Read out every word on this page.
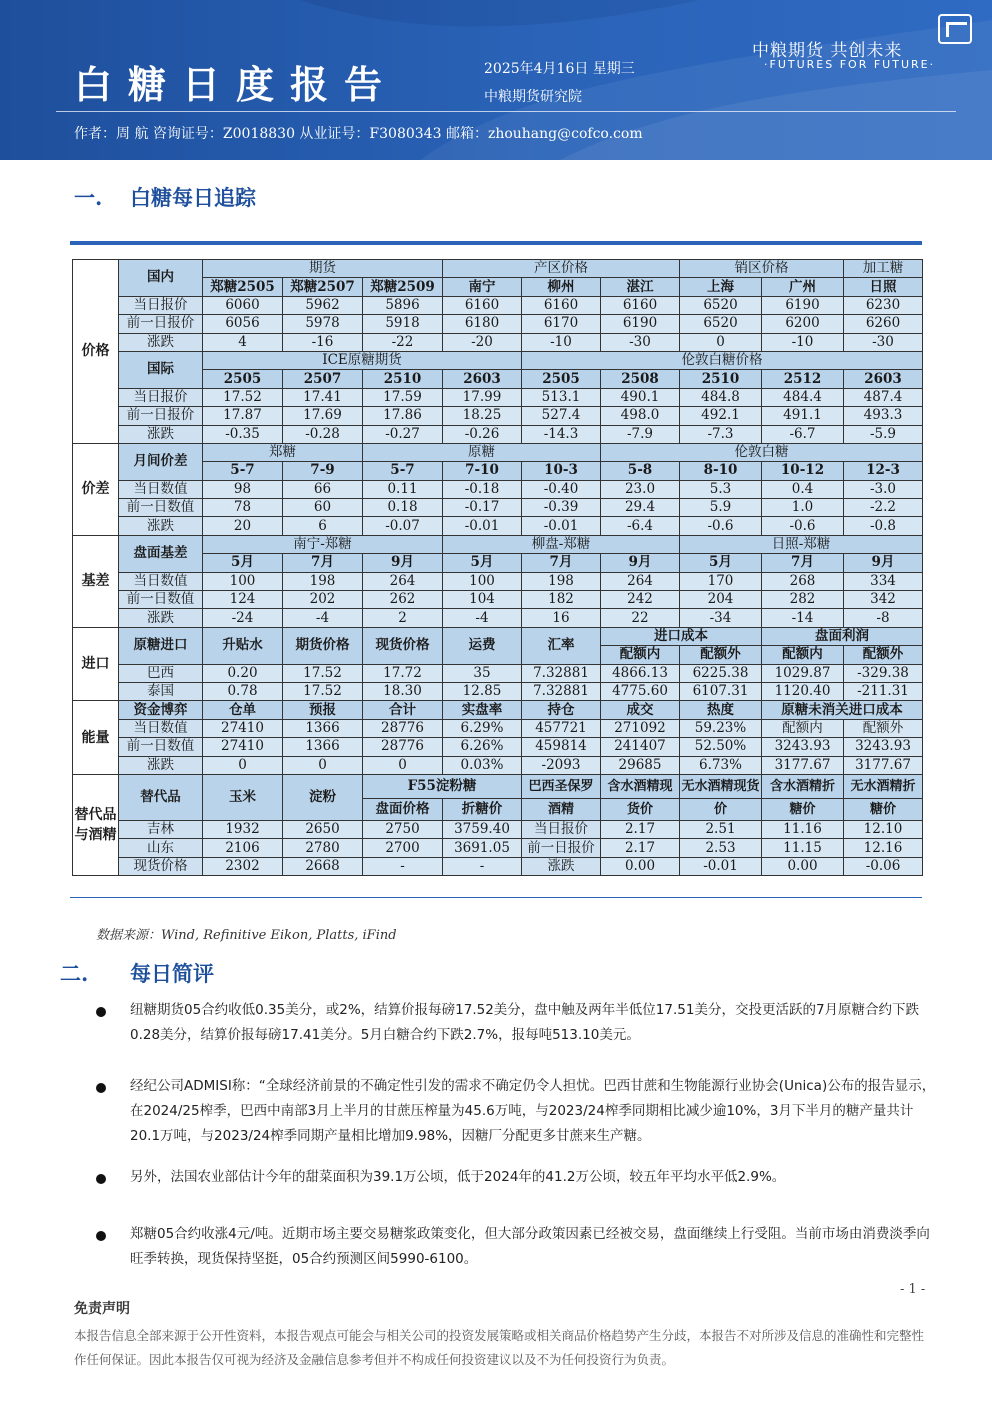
白糖日度报告	2025年4月16日 星期三
中粮期货研究院
作者：周 航 咨询证号：Z0018830 从业证号：F3080343 邮箱：zhouhang@cofco.com
中粮期货 共创未来
·FUTURES FOR FUTURE·
一. 白糖每日追踪
价格	国内	期货			产区价格			销区价格		加工糖
		郑糖2505	郑糖2507	郑糖2509	南宁	柳州	湛江	上海	广州	日照
	当日报价	6060	5962	5896	6160	6160	6160	6520	6190	6230
	前一日报价	6056	5978	5918	6180	6170	6190	6520	6200	6260
	涨跌	4	-16	-22	-20	-10	-30	0	-10	-30
	国际	ICE原糖期货				伦敦白糖价格				
		2505	2507	2510	2603	2505	2508	2510	2512	2603
	当日报价	17.52	17.41	17.59	17.99	513.1	490.1	484.8	484.4	487.4
	前一日报价	17.87	17.69	17.86	18.25	527.4	498.0	492.1	491.1	493.3
	涨跌	-0.35	-0.28	-0.27	-0.26	-14.3	-7.9	-7.3	-6.7	-5.9
价差	月间价差	郑糖		原糖			伦敦白糖			
		5-7	7-9	5-7	7-10	10-3	5-8	8-10	10-12	12-3
	当日数值	98	66	0.11	-0.18	-0.40	23.0	5.3	0.4	-3.0
	前一日数值	78	60	0.18	-0.17	-0.39	29.4	5.9	1.0	-2.2
	涨跌	20	6	-0.07	-0.01	-0.01	-6.4	-0.6	-0.6	-0.8
基差	盘面基差	南宁-郑糖			柳盘-郑糖			日照-郑糖		
		5月	7月	9月	5月	7月	9月	5月	7月	9月
	当日数值	100	198	264	100	198	264	170	268	334
	前一日数值	124	202	262	104	182	242	204	282	342
	涨跌	-24	-4	2	-4	16	22	-34	-14	-8
进口	原糖进口	升贴水	期货价格	现货价格	运费	汇率	进口成本		盘面利润	
							配额内	配额外	配额内	配额外
	巴西	0.20	17.52	17.72	35	7.32881	4866.13	6225.38	1029.87	-329.38
	泰国	0.78	17.52	18.30	12.85	7.32881	4775.60	6107.31	1120.40	-211.31
能量	资金博弈	仓单	预报	合计	实盘率	持仓	成交	热度	原糖未消关进口成本	
	当日数值	27410	1366	28776	6.29%	457721	271092	59.23%	配额内	配额外
	前一日数值	27410	1366	28776	6.26%	459814	241407	52.50%	3243.93	3243.93
	涨跌	0	0	0	0.03%	-2093	29685	6.73%	3177.67	3177.67
替代品与酒精	替代品	玉米	淀粉	F55淀粉糖		巴西圣保罗	含水酒精现	无水酒精现货	含水酒精折	无水酒精折
				盘面价格	折糖价	酒精	货价	价	糖价	糖价
	吉林	1932	2650	2750	3759.40	当日报价	2.17	2.51	11.16	12.10
	山东	2106	2780	2700	3691.05	前一日报价	2.17	2.53	11.15	12.16
	现货价格	2302	2668	-	-	涨跌	0.00	-0.01	0.00	-0.06
数据来源：Wind, Refinitive Eikon, Platts, iFind
二. 每日简评
纽糖期货05合约收低0.35美分，或2%，结算价报每磅17.52美分，盘中触及两年半低位17.51美分，交投更活跃的7月原糖合约下跌0.28美分，结算价报每磅17.41美分。5月白糖合约下跌2.7%，报每吨513.10美元。
经纪公司ADMISI称：“全球经济前景的不确定性引发的需求不确定仍令人担忧。巴西甘蔗和生物能源行业协会(Unica)公布的报告显示，在2024/25榨季，巴西中南部3月上半月的甘蔗压榨量为45.6万吨，与2023/24榨季同期相比减少逾10%，3月下半月的糖产量共计20.1万吨，与2023/24榨季同期产量相比增加9.98%，因糖厂分配更多甘蔗来生产糖。
另外，法国农业部估计今年的甜菜面积为39.1万公顷，低于2024年的41.2万公顷，较五年平均水平低2.9%。
郑糖05合约收涨4元/吨。近期市场主要交易糖浆政策变化，但大部分政策因素已经被交易，盘面继续上行受阻。当前市场由消费淡季向旺季转换，现货保持坚挺，05合约预测区间5990-6100。
- 1 -
免责声明
本报告信息全部来源于公开性资料，本报告观点可能会与相关公司的投资发展策略或相关商品价格趋势产生分歧，本报告不对所涉及信息的准确性和完整性作任何保证。因此本报告仅可视为经济及金融信息参考但并不构成任何投资建议以及不为任何投资行为负责。
